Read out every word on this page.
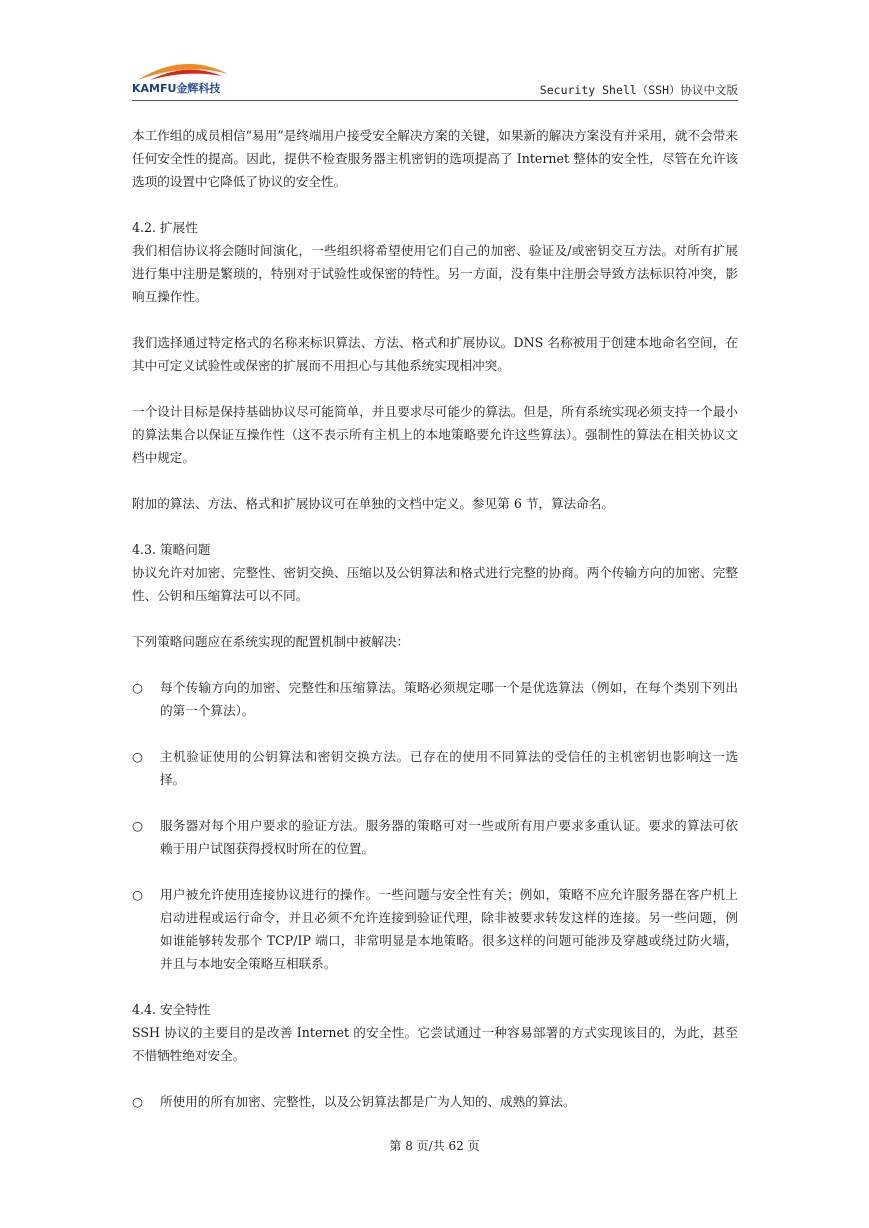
KAMFU金辉科技	Security Shell（SSH）协议中文版

本工作组的成员相信“易用”是终端用户接受安全解决方案的关键，如果新的解决方案没有并采用，就不会带来任何安全性的提高。因此，提供不检查服务器主机密钥的选项提高了 Internet 整体的安全性，尽管在允许该选项的设置中它降低了协议的安全性。

4.2. 扩展性

我们相信协议将会随时间演化，一些组织将希望使用它们自己的加密、验证及/或密钥交互方法。对所有扩展进行集中注册是繁琐的，特别对于试验性或保密的特性。另一方面，没有集中注册会导致方法标识符冲突，影响互操作性。

我们选择通过特定格式的名称来标识算法、方法、格式和扩展协议。DNS 名称被用于创建本地命名空间，在其中可定义试验性或保密的扩展而不用担心与其他系统实现相冲突。

一个设计目标是保持基础协议尽可能简单，并且要求尽可能少的算法。但是，所有系统实现必须支持一个最小的算法集合以保证互操作性（这不表示所有主机上的本地策略要允许这些算法）。强制性的算法在相关协议文档中规定。

附加的算法、方法、格式和扩展协议可在单独的文档中定义。参见第 6 节，算法命名。

4.3. 策略问题

协议允许对加密、完整性、密钥交换、压缩以及公钥算法和格式进行完整的协商。两个传输方向的加密、完整性、公钥和压缩算法可以不同。

下列策略问题应在系统实现的配置机制中被解决：

○ 每个传输方向的加密、完整性和压缩算法。策略必须规定哪一个是优选算法（例如，在每个类别下列出的第一个算法）。

○ 主机验证使用的公钥算法和密钥交换方法。已存在的使用不同算法的受信任的主机密钥也影响这一选择。

○ 服务器对每个用户要求的验证方法。服务器的策略可对一些或所有用户要求多重认证。要求的算法可依赖于用户试图获得授权时所在的位置。

○ 用户被允许使用连接协议进行的操作。一些问题与安全性有关；例如，策略不应允许服务器在客户机上启动进程或运行命令，并且必须不允许连接到验证代理，除非被要求转发这样的连接。另一些问题，例如谁能够转发那个 TCP/IP 端口，非常明显是本地策略。很多这样的问题可能涉及穿越或绕过防火墙，并且与本地安全策略互相联系。

4.4. 安全特性

SSH 协议的主要目的是改善 Internet 的安全性。它尝试通过一种容易部署的方式实现该目的，为此，甚至不惜牺牲绝对安全。

○ 所使用的所有加密、完整性，以及公钥算法都是广为人知的、成熟的算法。

第 8 页/共 62 页
